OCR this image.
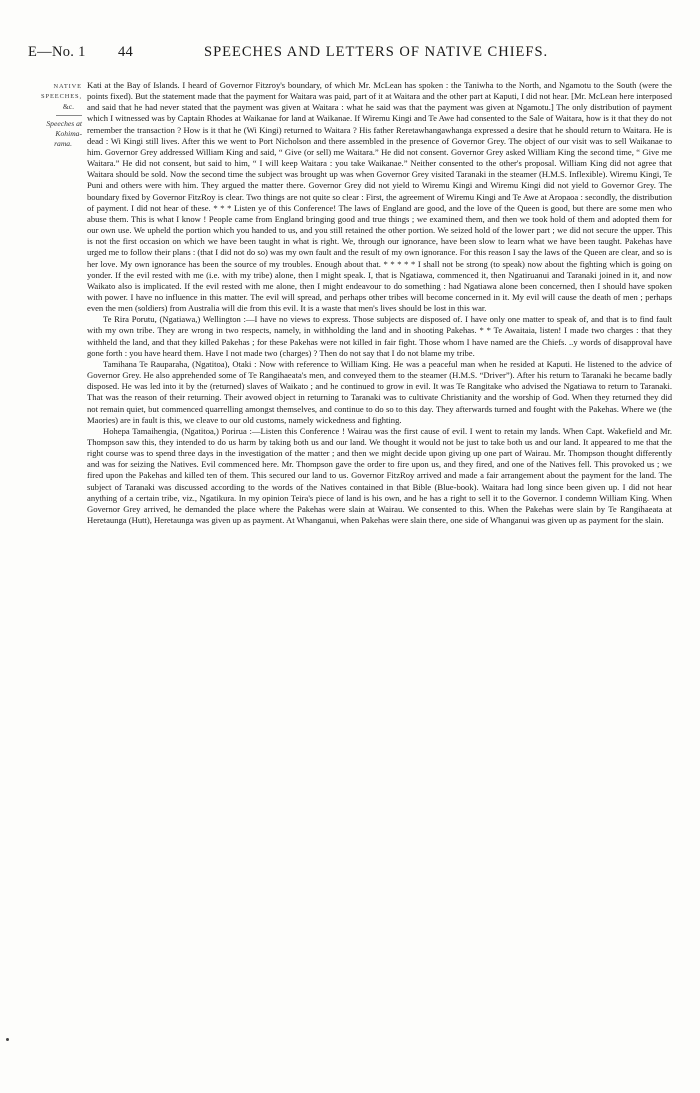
E—No. 1 44	SPEECHES AND LETTERS OF NATIVE CHIEFS.
NATIVE SPEECHES,
&c.
Speeches at Kohima-
rama.

Kati at the Bay of Islands. I heard of Governor Fitzroy's boundary, of which Mr. McLean has spoken : the Taniwha to the North, and Ngamotu to the South (were the points fixed). But the statement made that the payment for Waitara was paid, part of it at Waitara and the other part at Kaputi, I did not hear. [Mr. McLean here interposed and said that he had never stated that the payment was given at Waitara : what he said was that the payment was given at Ngamotu.] The only distribution of payment which I witnessed was by Captain Rhodes at Waikanae for land at Waikanae. If Wiremu Kingi and Te Awe had consented to the Sale of Waitara, how is it that they do not remember the transaction ? How is it that he (Wi Kingi) returned to Waitara ? His father Reretawhangawhanga expressed a desire that he should return to Waitara. He is dead : Wi Kingi still lives. After this we went to Port Nicholson and there assembled in the presence of Governor Grey. The object of our visit was to sell Waikanae to him. Governor Grey addressed William King and said, “ Give (or sell) me Waitara.” He did not consent. Governor Grey asked William King the second time, “ Give me Waitara.” He did not consent, but said to him, “ I will keep Waitara : you take Waikanae.” Neither consented to the other's proposal. William King did not agree that Waitara should be sold. Now the second time the subject was brought up was when Governor Grey visited Taranaki in the steamer (H.M.S. Inflexible). Wiremu Kingi, Te Puni and others were with him. They argued the matter there. Governor Grey did not yield to Wiremu Kingi and Wiremu Kingi did not yield to Governor Grey. The boundary fixed by Governor FitzRoy is clear. Two things are not quite so clear : First, the agreement of Wiremu Kingi and Te Awe at Aropaoa : secondly, the distribution of payment. I did not hear of these. * * * Listen ye of this Conference! The laws of England are good, and the love of the Queen is good, but there are some men who abuse them. This is what I know ! People came from England bringing good and true things ; we examined them, and then we took hold of them and adopted them for our own use. We upheld the portion which you handed to us, and you still retained the other portion. We seized hold of the lower part ; we did not secure the upper. This is not the first occasion on which we have been taught in what is right. We, through our ignorance, have been slow to learn what we have been taught. Pakehas have urged me to follow their plans : (that I did not do so) was my own fault and the result of my own ignorance. For this reason I say the laws of the Queen are clear, and so is her love. My own ignorance has been the source of my troubles. Enough about that. * * * * * I shall not be strong (to speak) now about the fighting which is going on yonder. If the evil rested with me (i.e. with my tribe) alone, then I might speak. I, that is Ngatiawa, commenced it, then Ngatiruanui and Taranaki joined in it, and now Waikato also is implicated. If the evil rested with me alone, then I might endeavour to do something : had Ngatiawa alone been concerned, then I should have spoken with power. I have no influence in this matter. The evil will spread, and perhaps other tribes will become concerned in it. My evil will cause the death of men ; perhaps even the men (soldiers) from Australia will die from this evil. It is a waste that men's lives should be lost in this war.

Te Rira Porutu, (Ngatiawa,) Wellington :—I have no views to express. Those subjects are disposed of. I have only one matter to speak of, and that is to find fault with my own tribe. They are wrong in two respects, namely, in withholding the land and in shooting Pakehas. * * Te Awaitaia, listen! I made two charges : that they withheld the land, and that they killed Pakehas ; for these Pakehas were not killed in fair fight. Those whom I have named are the Chiefs. ..y words of disapproval have gone forth : you have heard them. Have I not made two (charges) ? Then do not say that I do not blame my tribe.

Tamihana Te Rauparaha, (Ngatitoa), Otaki : Now with reference to William King. He was a peaceful man when he resided at Kaputi. He listened to the advice of Governor Grey. He also apprehended some of Te Rangihaeata's men, and conveyed them to the steamer (H.M.S. “Driver”). After his return to Taranaki he became badly disposed. He was led into it by the (returned) slaves of Waikato ; and he continued to grow in evil. It was Te Rangitake who advised the Ngatiawa to return to Taranaki. That was the reason of their returning. Their avowed object in returning to Taranaki was to cultivate Christianity and the worship of God. When they returned they did not remain quiet, but commenced quarrelling amongst themselves, and continue to do so to this day. They afterwards turned and fought with the Pakehas. Where we (the Maories) are in fault is this, we cleave to our old customs, namely wickedness and fighting.

Hohepa Tamaihengia, (Ngatitoa,) Porirua :—Listen this Conference ! Wairau was the first cause of evil. I went to retain my lands. When Capt. Wakefield and Mr. Thompson saw this, they intended to do us harm by taking both us and our land. We thought it would not be just to take both us and our land. It appeared to me that the right course was to spend three days in the investigation of the matter ; and then we might decide upon giving up one part of Wairau. Mr. Thompson thought differently and was for seizing the Natives. Evil commenced here. Mr. Thompson gave the order to fire upon us, and they fired, and one of the Natives fell. This provoked us ; we fired upon the Pakehas and killed ten of them. This secured our land to us. Governor FitzRoy arrived and made a fair arrangement about the payment for the land. The subject of Taranaki was discussed according to the words of the Natives contained in that Bible (Blue-book). Waitara had long since been given up. I did not hear anything of a certain tribe, viz., Ngatikura. In my opinion Teira's piece of land is his own, and he has a right to sell it to the Governor. I condemn William King. When Governor Grey arrived, he demanded the place where the Pakehas were slain at Wairau. We consented to this. When the Pakehas were slain by Te Rangihaeata at Heretaunga (Hutt), Heretaunga was given up as payment. At Whanganui, when Pakehas were slain there, one side of Whanganui was given up as payment for the slain.
